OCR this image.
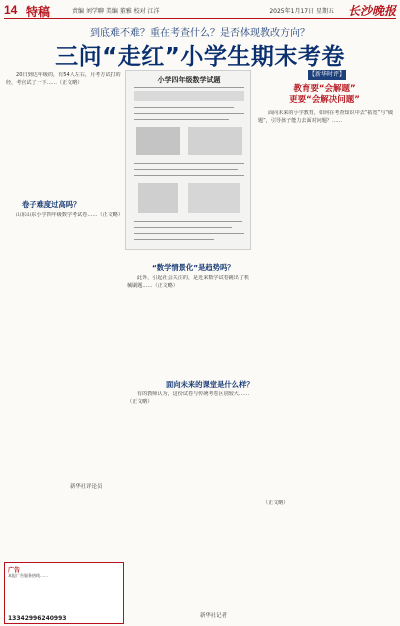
14 特稿	责编 刘学聊 美编 董雅 校对 江洋	2025年1月17日 星期五 长沙晚报
到底难不难？重在考查什么？是否体现教改方向？
三问“走红”小学生期末考卷

20日到达年级的，有54人左右，月考方试打的经，考官试了一下……（正文略）	小学四年级数学试题
【新华时评】
教育要“会解题”
更要“会解决问题”

面向未来的小学教育，如何在考查知识中去“拓宽”与“破题”，引导孩子能力去面对问题？……

新华社评论员
卷子难度过高吗？

山东山东小学四年级数学考试卷……（正文略）

“数学情景化”是趋势吗？

此外，引起社会关注的，是近来数学试卷跳出了机械刷题……（正文略）

面向未来的课堂是什么样？

有的教师认为，这份试卷与传统考卷区别较大……（正文略）

（正文略）

新华社记者
广告
本报广告服务热线……
13342996240993
